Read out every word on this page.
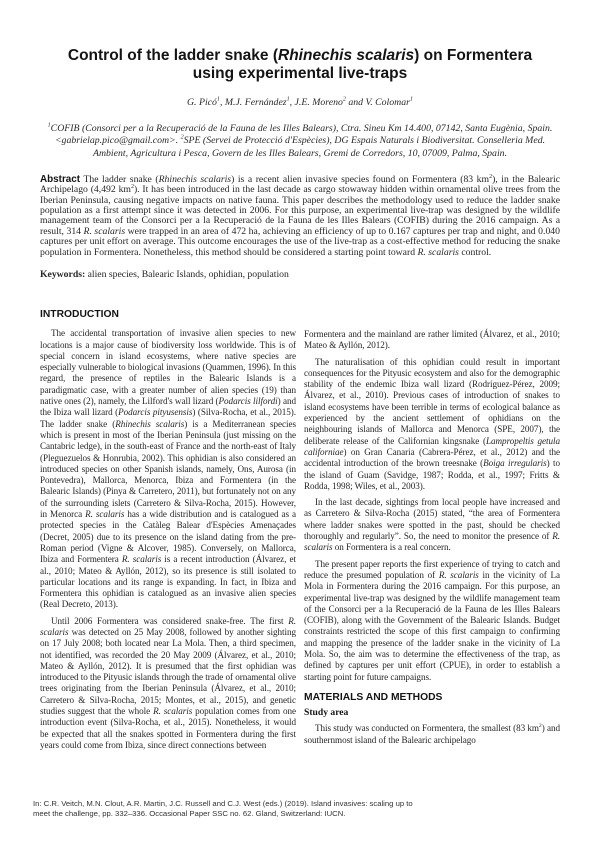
Control of the ladder snake (Rhinechis scalaris) on Formentera using experimental live-traps
G. Picó$^1$, M.J. Fernández$^1$, J.E. Moreno$^2$ and V. Colomar$^1$
$^1$COFIB (Consorci per a la Recuperació de la Fauna de les Illes Balears), Ctra. Sineu Km 14.400, 07142, Santa Eugènia, Spain. <gabrielap.pico@gmail.com>. $^2$SPE (Servei de Protecció d'Espècies), DG Espais Naturals i Biodiversitat. Conselleria Med. Ambient, Agricultura i Pesca, Govern de les Illes Balears, Gremi de Corredors, 10, 07009, Palma, Spain.

Abstract The ladder snake (Rhinechis scalaris) is a recent alien invasive species found on Formentera (83 $km^2$), in the Balearic Archipelago (4,492 $km^2$). It has been introduced in the last decade as cargo stowaway hidden within ornamental olive trees from the Iberian Peninsula, causing negative impacts on native fauna. This paper describes the methodology used to reduce the ladder snake population as a first attempt since it was detected in 2006. For this purpose, an experimental live-trap was designed by the wildlife management team of the Consorci per a la Recuperació de la Fauna de les Illes Balears (COFIB) during the 2016 campaign. As a result, 314 R. scalaris were trapped in an area of 472 ha, achieving an efficiency of up to 0.167 captures per trap and night, and 0.040 captures per unit effort on average. This outcome encourages the use of the live-trap as a cost-effective method for reducing the snake population in Formentera. Nonetheless, this method should be considered a starting point toward R. scalaris control.

Keywords: alien species, Balearic Islands, ophidian, population

INTRODUCTION

The accidental transportation of invasive alien species to new locations is a major cause of biodiversity loss worldwide. This is of special concern in island ecosystems, where native species are especially vulnerable to biological invasions (Quammen, 1996). In this regard, the presence of reptiles in the Balearic Islands is a paradigmatic case, with a greater number of alien species (19) than native ones (2), namely, the Lilford's wall lizard (Podarcis lilfordi) and the Ibiza wall lizard (Podarcis pityusensis) (Silva-Rocha, et al., 2015). The ladder snake (Rhinechis scalaris) is a Mediterranean species which is present in most of the Iberian Peninsula (just missing on the Cantabric ledge), in the south-east of France and the north-east of Italy (Pleguezuelos & Honrubia, 2002). This ophidian is also considered an introduced species on other Spanish islands, namely, Ons, Aurosa (in Pontevedra), Mallorca, Menorca, Ibiza and Formentera (in the Balearic Islands) (Pinya & Carretero, 2011), but fortunately not on any of the surrounding islets (Carretero & Silva-Rocha, 2015). However, in Menorca R. scalaris has a wide distribution and is catalogued as a protected species in the Catàleg Balear d'Espècies Amenaçades (Decret, 2005) due to its presence on the island dating from the pre-Roman period (Vigne & Alcover, 1985). Conversely, on Mallorca, Ibiza and Formentera R. scalaris is a recent introduction (Álvarez, et al., 2010; Mateo & Ayllón, 2012), so its presence is still isolated to particular locations and its range is expanding. In fact, in Ibiza and Formentera this ophidian is catalogued as an invasive alien species (Real Decreto, 2013).

Until 2006 Formentera was considered snake-free. The first R. scalaris was detected on 25 May 2008, followed by another sighting on 17 July 2008; both located near La Mola. Then, a third specimen, not identified, was recorded the 20 May 2009 (Álvarez, et al., 2010; Mateo & Ayllón, 2012). It is presumed that the first ophidian was introduced to the Pityusic islands through the trade of ornamental olive trees originating from the Iberian Peninsula (Álvarez, et al., 2010; Carretero & Silva-Rocha, 2015; Montes, et al., 2015), and genetic studies suggest that the whole R. scalaris population comes from one introduction event (Silva-Rocha, et al., 2015). Nonetheless, it would be expected that all the snakes spotted in Formentera during the first years could come from Ibiza, since direct connections between

Formentera and the mainland are rather limited (Álvarez, et al., 2010; Mateo & Ayllón, 2012).

The naturalisation of this ophidian could result in important consequences for the Pityusic ecosystem and also for the demographic stability of the endemic Ibiza wall lizard (Rodríguez-Pérez, 2009; Álvarez, et al., 2010). Previous cases of introduction of snakes to island ecosystems have been terrible in terms of ecological balance as experienced by the ancient settlement of ophidians on the neighbouring islands of Mallorca and Menorca (SPE, 2007), the deliberate release of the Californian kingsnake (Lampropeltis getula californiae) on Gran Canaria (Cabrera-Pérez, et al., 2012) and the accidental introduction of the brown treesnake (Boiga irregularis) to the island of Guam (Savidge, 1987; Rodda, et al., 1997; Fritts & Rodda, 1998; Wiles, et al., 2003).

In the last decade, sightings from local people have increased and as Carretero & Silva-Rocha (2015) stated, “the area of Formentera where ladder snakes were spotted in the past, should be checked thoroughly and regularly”. So, the need to monitor the presence of R. scalaris on Formentera is a real concern.

The present paper reports the first experience of trying to catch and reduce the presumed population of R. scalaris in the vicinity of La Mola in Formentera during the 2016 campaign. For this purpose, an experimental live-trap was designed by the wildlife management team of the Consorci per a la Recuperació de la Fauna de les Illes Balears (COFIB), along with the Government of the Balearic Islands. Budget constraints restricted the scope of this first campaign to confirming and mapping the presence of the ladder snake in the vicinity of La Mola. So, the aim was to determine the effectiveness of the trap, as defined by captures per unit effort (CPUE), in order to establish a starting point for future campaigns.

MATERIALS AND METHODS
Study area

This study was conducted on Formentera, the smallest (83 $km^2$) and southernmost island of the Balearic archipelago

In: C.R. Veitch, M.N. Clout, A.R. Martin, J.C. Russell and C.J. West (eds.) (2019). Island invasives: scaling up to meet the challenge, pp. 332–336. Occasional Paper SSC no. 62. Gland, Switzerland: IUCN.
